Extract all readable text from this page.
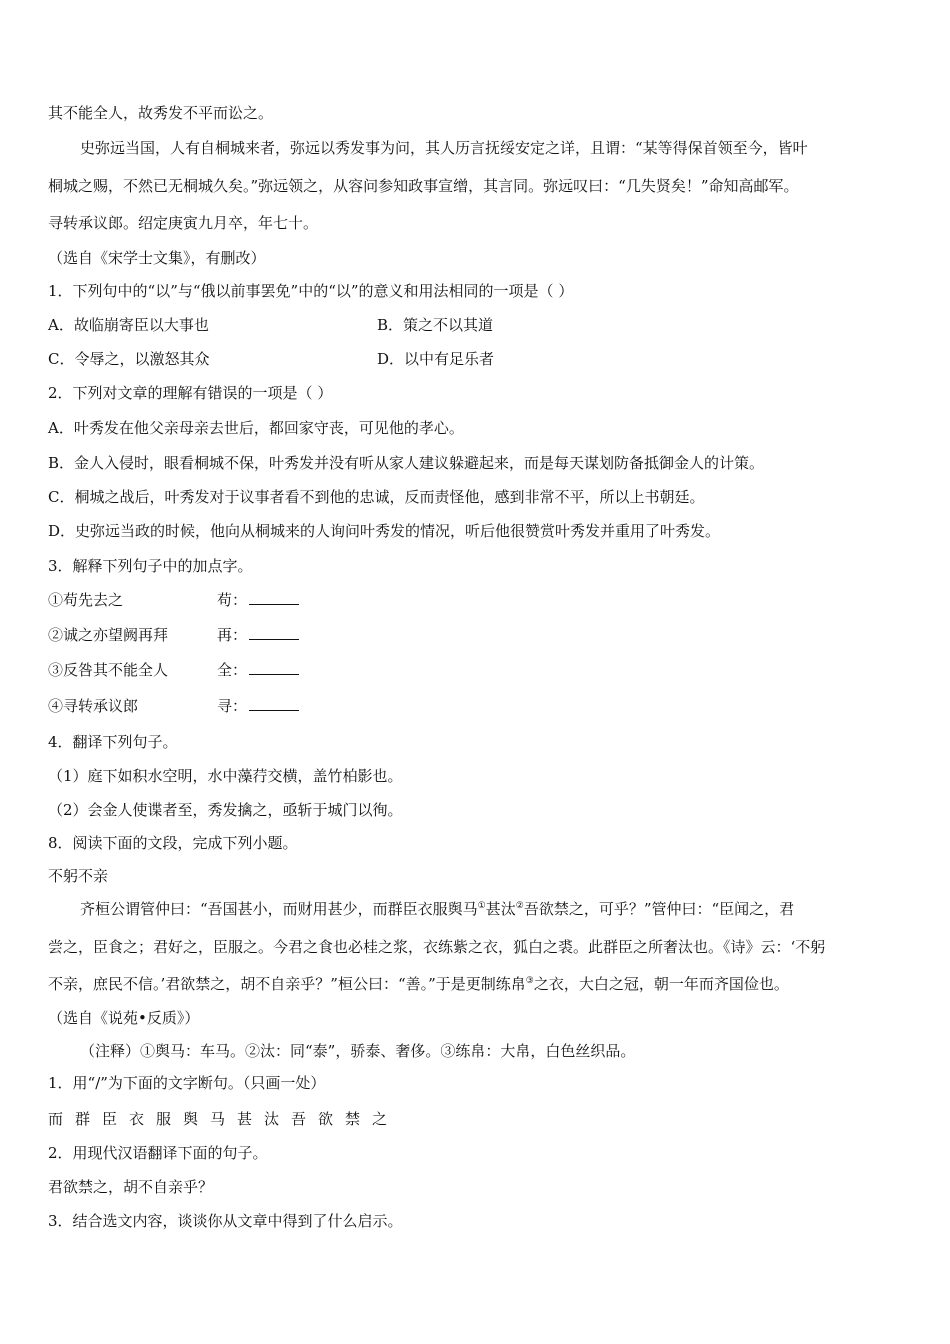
其不能全人，故秀发不平而讼之。
史弥远当国，人有自桐城来者，弥远以秀发事为问，其人历言抚绥安定之详，且谓：“某等得保首领至今，皆叶
桐城之赐，不然已无桐城久矣。”弥远领之，从容问参知政事宣缯，其言同。弥远叹曰：“几失贤矣！”命知高邮军。
寻转承议郎。绍定庚寅九月卒，年七十。
（选自《宋学士文集》，有删改）
1．下列句中的“以”与“俄以前事罢免”中的“以”的意义和用法相同的一项是（ ）
A．故临崩寄臣以大事也	B．策之不以其道
C．令辱之，以激怒其众	D．以中有足乐者
2．下列对文章的理解有错误的一项是（ ）
A．叶秀发在他父亲母亲去世后，都回家守丧，可见他的孝心。
B．金人入侵时，眼看桐城不保，叶秀发并没有听从家人建议躲避起来，而是每天谋划防备抵御金人的计策。
C．桐城之战后，叶秀发对于议事者看不到他的忠诚，反而责怪他，感到非常不平，所以上书朝廷。
D．史弥远当政的时候，他向从桐城来的人询问叶秀发的情况，听后他很赞赏叶秀发并重用了叶秀发。
3．解释下列句子中的加点字。
①苟先去之	苟：
②诚之亦望阙再拜	再：
③反咎其不能全人	全：
④寻转承议郎	寻：
4．翻译下列句子。
（1）庭下如积水空明，水中藻荇交横，盖竹柏影也。
（2）会金人使谍者至，秀发擒之，亟斩于城门以徇。
8．阅读下面的文段，完成下列小题。
不躬不亲
齐桓公谓管仲曰：“吾国甚小，而财用甚少，而群臣衣服舆马①甚汰②吾欲禁之，可乎？”管仲曰：“臣闻之，君
尝之，臣食之；君好之，臣服之。今君之食也必桂之浆，衣练紫之衣，狐白之裘。此群臣之所奢汰也。《诗》云：‘不躬
不亲，庶民不信。’君欲禁之，胡不自亲乎？”桓公曰：“善。”于是更制练帛③之衣，大白之冠，朝一年而齐国俭也。
（选自《说苑•反质》）
（注释）①舆马：车马。②汰：同“泰”，骄泰、奢侈。③练帛：大帛，白色丝织品。
1．用“/”为下面的文字断句。（只画一处）
而群臣衣服舆马甚汰吾欲禁之
2．用现代汉语翻译下面的句子。
君欲禁之，胡不自亲乎？
3．结合选文内容，谈谈你从文章中得到了什么启示。
